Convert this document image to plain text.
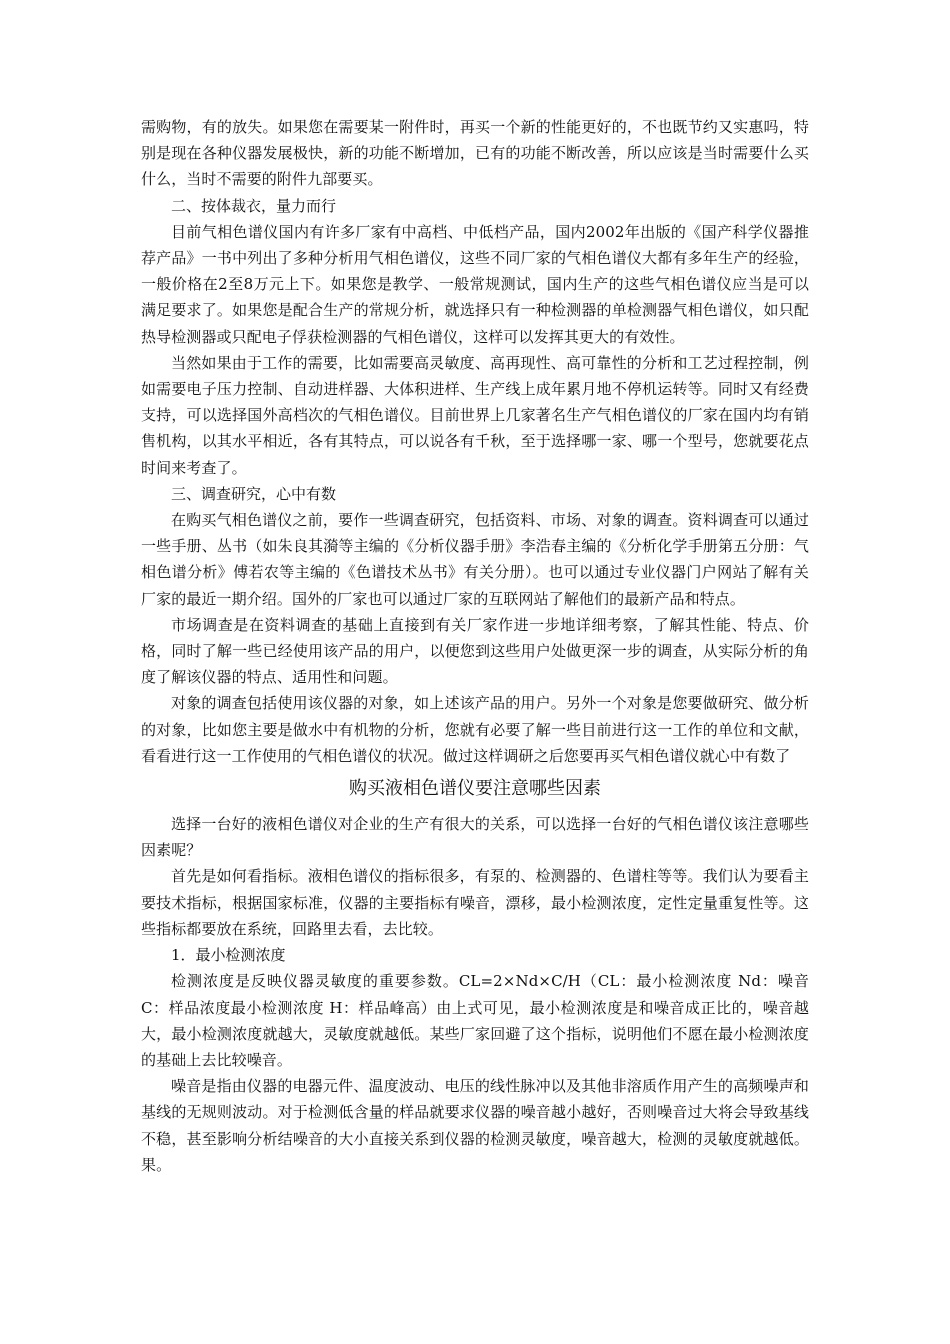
需购物，有的放失。如果您在需要某一附件时，再买一个新的性能更好的，不也既节约又实惠吗，特别是现在各种仪器发展极快，新的功能不断增加，已有的功能不断改善，所以应该是当时需要什么买什么，当时不需要的附件九部要买。

二、按体裁衣，量力而行

目前气相色谱仪国内有许多厂家有中高档、中低档产品，国内2002年出版的《国产科学仪器推荐产品》一书中列出了多种分析用气相色谱仪，这些不同厂家的气相色谱仪大都有多年生产的经验，一般价格在2至8万元上下。如果您是教学、一般常规测试，国内生产的这些气相色谱仪应当是可以满足要求了。如果您是配合生产的常规分析，就选择只有一种检测器的单检测器气相色谱仪，如只配热导检测器或只配电子俘获检测器的气相色谱仪，这样可以发挥其更大的有效性。

当然如果由于工作的需要，比如需要高灵敏度、高再现性、高可靠性的分析和工艺过程控制，例如需要电子压力控制、自动进样器、大体积进样、生产线上成年累月地不停机运转等。同时又有经费支持，可以选择国外高档次的气相色谱仪。目前世界上几家著名生产气相色谱仪的厂家在国内均有销售机构，以其水平相近，各有其特点，可以说各有千秋，至于选择哪一家、哪一个型号，您就要花点时间来考查了。

三、调查研究，心中有数

在购买气相色谱仪之前，要作一些调查研究，包括资料、市场、对象的调查。资料调查可以通过一些手册、丛书（如朱良其漪等主编的《分析仪器手册》李浩春主编的《分析化学手册第五分册：气相色谱分析》傅若农等主编的《色谱技术丛书》有关分册）。也可以通过专业仪器门户网站了解有关厂家的最近一期介绍。国外的厂家也可以通过厂家的互联网站了解他们的最新产品和特点。

市场调查是在资料调查的基础上直接到有关厂家作进一步地详细考察，了解其性能、特点、价格，同时了解一些已经使用该产品的用户，以便您到这些用户处做更深一步的调查，从实际分析的角度了解该仪器的特点、适用性和问题。

对象的调查包括使用该仪器的对象，如上述该产品的用户。另外一个对象是您要做研究、做分析的对象，比如您主要是做水中有机物的分析，您就有必要了解一些目前进行这一工作的单位和文献，看看进行这一工作使用的气相色谱仪的状况。做过这样调研之后您要再买气相色谱仪就心中有数了

购买液相色谱仪要注意哪些因素

选择一台好的液相色谱仪对企业的生产有很大的关系，可以选择一台好的气相色谱仪该注意哪些因素呢？

首先是如何看指标。液相色谱仪的指标很多，有泵的、检测器的、色谱柱等等。我们认为要看主要技术指标，根据国家标准，仪器的主要指标有噪音，漂移，最小检测浓度，定性定量重复性等。这些指标都要放在系统，回路里去看，去比较。

1．最小检测浓度

检测浓度是反映仪器灵敏度的重要参数。CL=2×Nd×C/H（CL：最小检测浓度 Nd：噪音 C：样品浓度最小检测浓度 H：样品峰高）由上式可见，最小检测浓度是和噪音成正比的，噪音越大，最小检测浓度就越大，灵敏度就越低。某些厂家回避了这个指标，说明他们不愿在最小检测浓度的基础上去比较噪音。

噪音是指由仪器的电器元件、温度波动、电压的线性脉冲以及其他非溶质作用产生的高频噪声和基线的无规则波动。对于检测低含量的样品就要求仪器的噪音越小越好，否则噪音过大将会导致基线不稳，甚至影响分析结噪音的大小直接关系到仪器的检测灵敏度，噪音越大，检测的灵敏度就越低。果。
